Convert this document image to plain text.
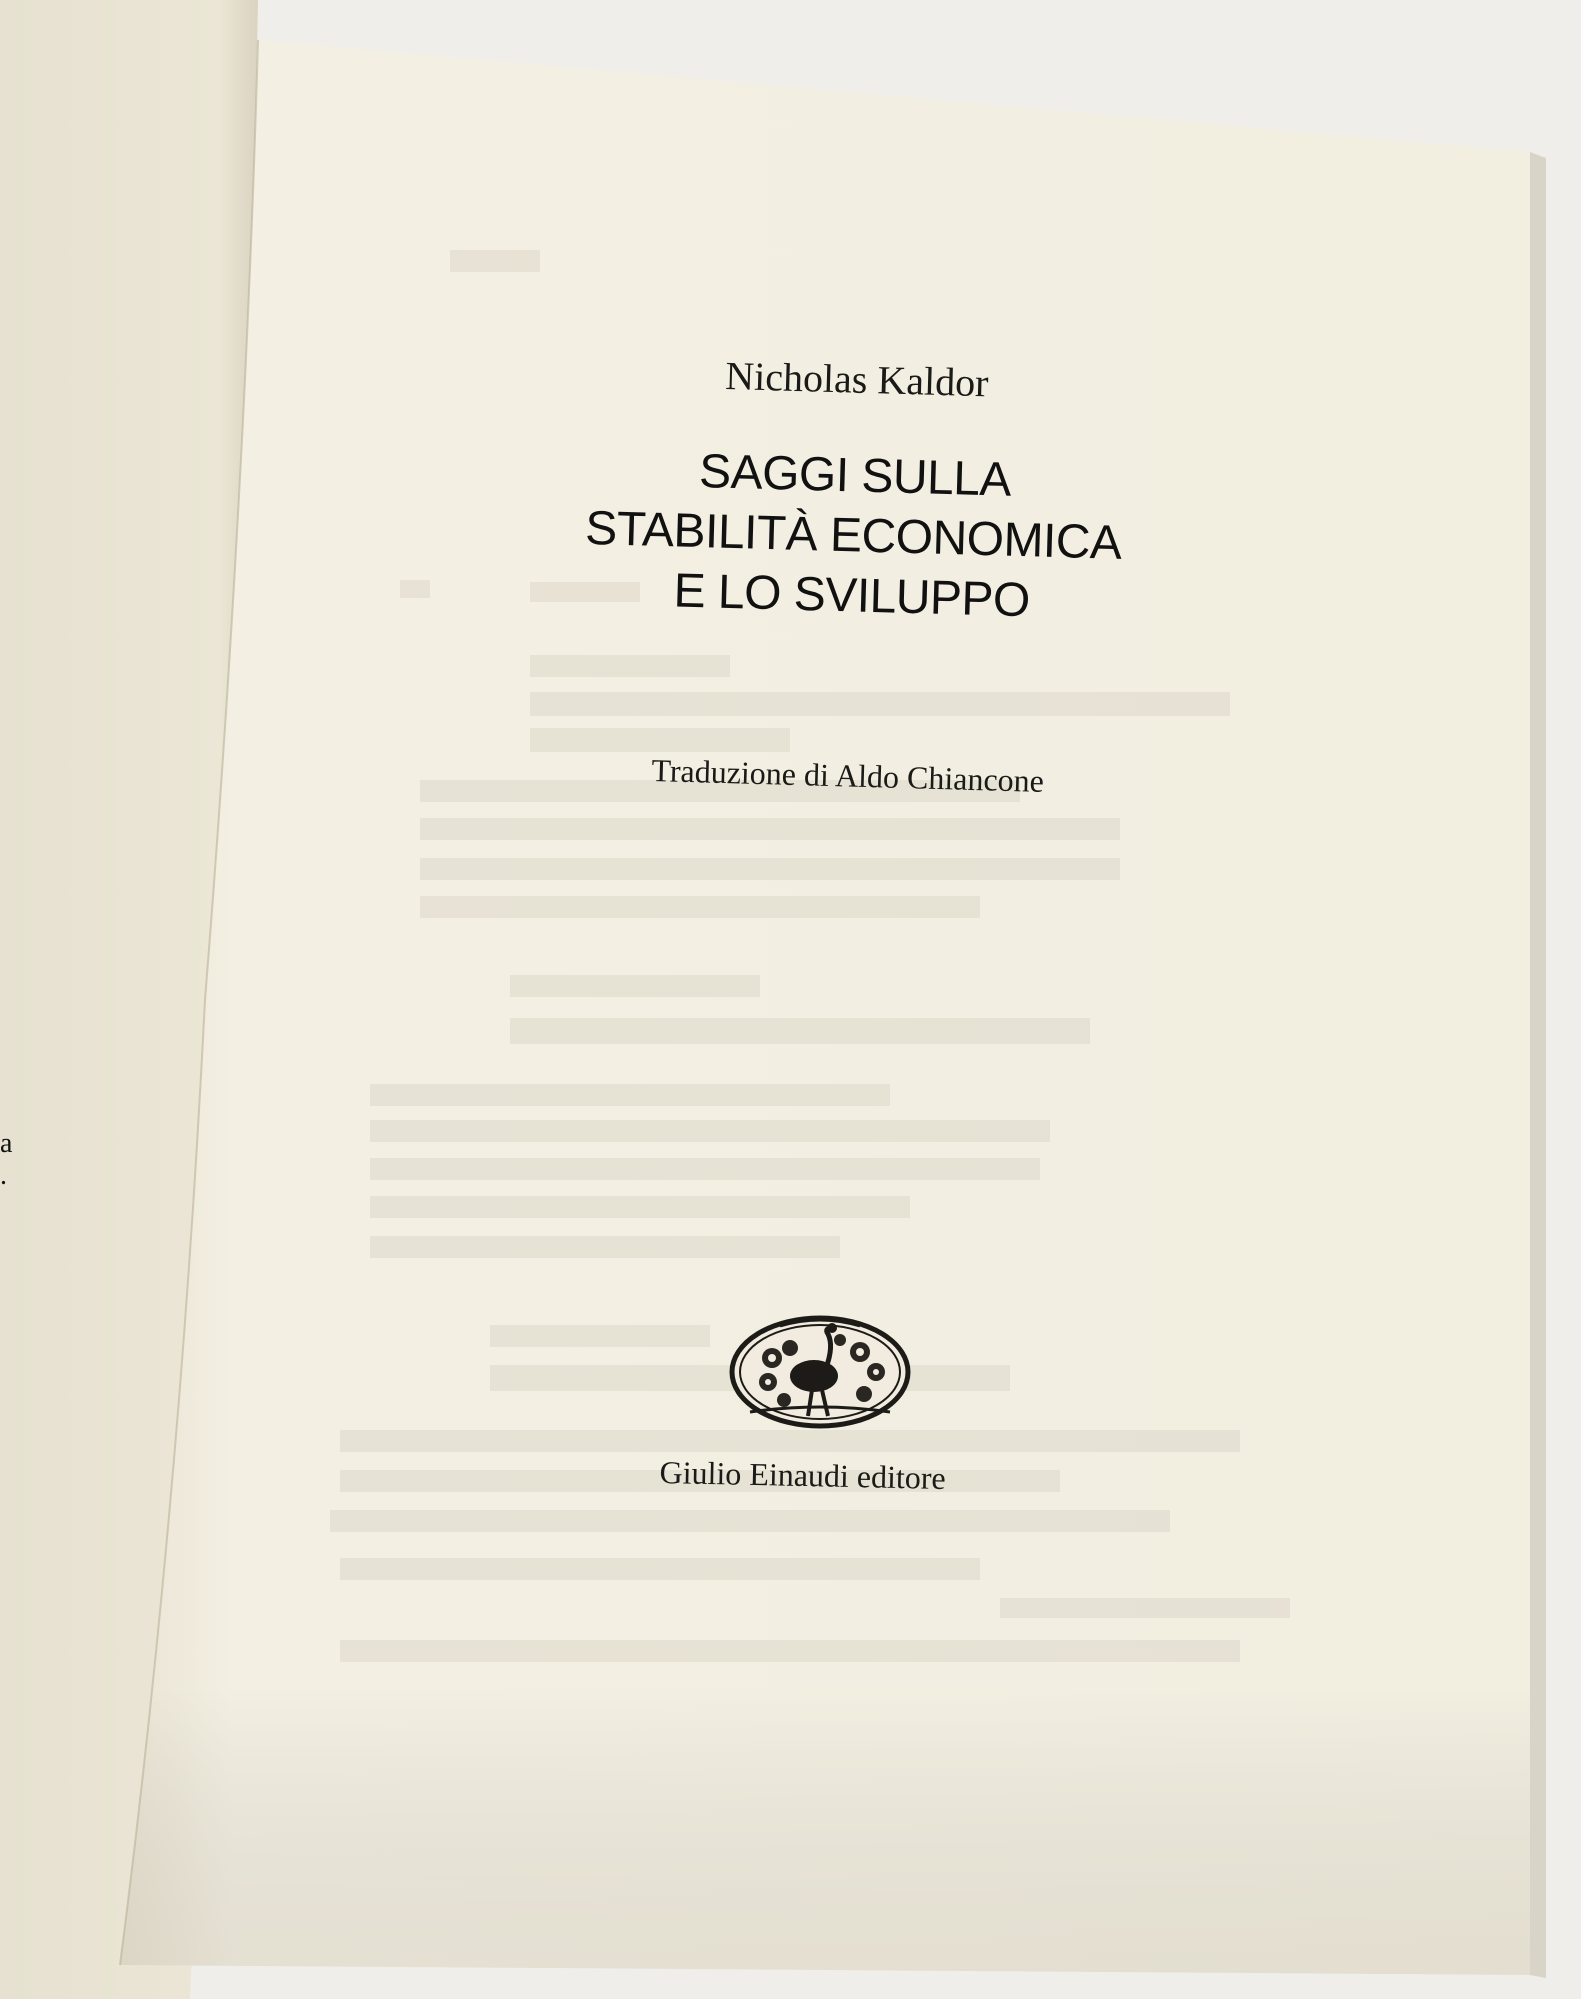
a
.
Nicholas Kaldor
SAGGI SULLA
STABILITÀ ECONOMICA
E LO SVILUPPO
Traduzione di Aldo Chiancone
Giulio Einaudi editore
